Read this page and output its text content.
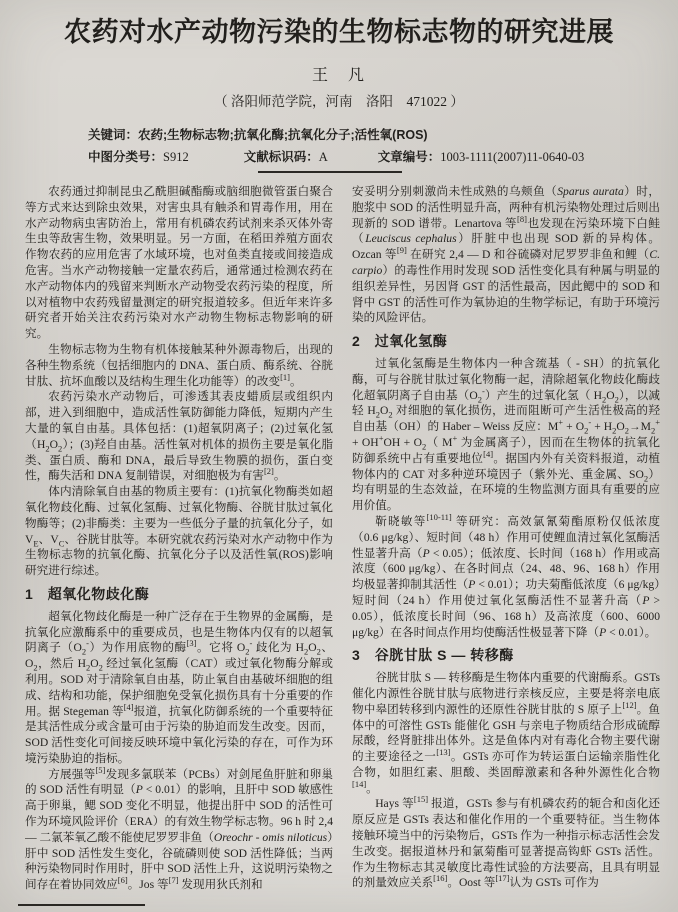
农药对水产动物污染的生物标志物的研究进展
王　凡
（ 洛阳师范学院，河南　洛阳　471022 ）
关键词：农药;生物标志物;抗氧化酶;抗氧化分子;活性氧(ROS)
中图分类号：S912	文献标识码：A	文章编号：1003-1111(2007)11-0640-03

农药通过抑制昆虫乙酰胆碱酯酶或脑细胞微管蛋白聚合等方式来达到除虫效果，对害虫具有触杀和胃毒作用，用在水产动物病虫害防治上，常用有机磷农药试剂来杀灭体外寄生虫等敌害生物，效果明显。另一方面，在稻田养殖方面农作物农药的应用危害了水域环境，也对鱼类直接或间接造成危害。当水产动物接触一定量农药后，通常通过检测农药在水产动物体内的残留来判断水产动物受农药污染的程度，所以对植物中农药残留量测定的研究报道较多。但近年来许多研究者开始关注农药污染对水产动物生物标志物影响的研究。

生物标志物为生物有机体接触某种外源毒物后，出现的各种生物系统（包括细胞内的 DNA、蛋白质、酶系统、谷胱甘肽、抗坏血酸以及结构生理生化功能等）的改变[1]。

农药污染水产动物后，可渗透其表皮蜡质层或组织内部，进入到细胞中，造成活性氧防御能力降低，短期内产生大量的氧自由基。具体包括：(1)超氧阴离子；(2)过氧化氢$(H_2O_2)$；(3)羟自由基。活性氧对机体的损伤主要是氧化脂类、蛋白质、酶和 DNA，最后导致生物膜的损伤，蛋白变性，酶失活和 DNA 复制错误，对细胞极为有害[2]。

体内清除氧自由基的物质主要有：(1)抗氧化物酶类如超氧化物歧化酶、过氧化氢酶、过氧化物酶、谷胱甘肽过氧化物酶等；(2)非酶类：主要为一些低分子量的抗氧化分子，如 $V_E$、$V_C$、谷胱甘肽等。本研究就农药污染对水产动物中作为生物标志物的抗氧化酶、抗氧化分子以及活性氧(ROS)影响研究进行综述。

1　超氧化物歧化酶

超氧化物歧化酶是一种广泛存在于生物界的金属酶，是抗氧化应激酶系中的重要成员，也是生物体内仅有的以超氧阴离子$(O_2^-)$为作用底物的酶[3]。它将 $O_2^-$ 歧化为 $H_2O_2$、$O_2$，然后 $H_2O_2$ 经过氧化氢酶（CAT）或过氧化物酶分解或利用。SOD 对于清除氧自由基，防止氧自由基破坏细胞的组成、结构和功能，保护细胞免受氧化损伤具有十分重要的作用。据 Stegeman 等[4]报道，抗氧化防御系统的一个重要特征是其活性成分或含量可由于污染的胁迫而发生改变。因而，SOD 活性变化可间接反映环境中氧化污染的存在，可作为环境污染胁迫的指标。

方展强等[5]发现多氯联苯（PCBs）对剑尾鱼肝脏和卵巢的 SOD 活性有明显（P < 0.01）的影响，且肝中 SOD 敏感性高于卵巢，鳃 SOD 变化不明显，他提出肝中 SOD 的活性可作为环境风险评价（ERA）的有效生物学标志物。96 h 时 2,4 — 二氯苯氧乙酸不能使尼罗罗非鱼（Oreochr - omis niloticus）肝中 SOD 活性发生变化，谷硫磷则使 SOD 活性降低；当两种污染物同时作用时，肝中 SOD 活性上升，这说明污染物之间存在着协同效应[6]。Jos 等[7] 发现用狄氏剂和

安妥明分别刺激尚未性成熟的乌颊鱼（Sparus aurata）时，胞浆中 SOD 的活性明显升高，两种有机污染物处理过后则出现新的 SOD 谱带。Lenartova 等[8]也发现在污染环境下白鲑（Leuciscus cephalus）肝脏中也出现 SOD 新的异构体。Ozcan 等[9] 在研究 2,4 — D 和谷硫磷对尼罗罗非鱼和鲤（C. carpio）的毒性作用时发现 SOD 活性变化具有种属与明显的组织差异性，另因肾 GST 的活性最高，因此鳃中的 SOD 和肾中 GST 的活性可作为氧协迫的生物学标记，有助于环境污染的风险评估。

2　过氧化氢酶

过氧化氢酶是生物体内一种含巯基（ - SH）的抗氧化酶，可与谷胱甘肽过氧化物酶一起，清除超氧化物歧化酶歧化超氧阴离子自由基$(O_2^-)$产生的过氧化氢（ $H_2O_2$），以减轻 $H_2O_2$ 对细胞的氧化损伤，进而阻断可产生活性极高的羟自由基（OH）的 Haber – Weiss 反应：$M^+ + O_2^- + H_2O_2\to M_2^+ + OH^+OH + O_2$（ M+ 为金属离子），因而在生物体的抗氧化防御系统中占有重要地位[4]。据国内外有关资料报道，动植物体内的 CAT 对多种逆环境因子（紫外光、重金属、$SO_2$）均有明显的生态效益，在环境的生物监测方面具有重要的应用价值。

靳晓敏等[10-11] 等研究：高效氯氰菊酯原粉仅低浓度（0.6 μg/kg）、短时间（48 h）作用可使鲤血清过氧化氢酶活性显著升高（P < 0.05）；低浓度、长时间（168 h）作用或高浓度（600 μg/kg）、在各时间点（24、48、96、168 h）作用均极显著抑制其活性（P < 0.01）；功夫菊酯低浓度（6 μg/kg）短时间（24 h）作用使过氧化氢酶活性不显著升高（P > 0.05），低浓度长时间（96、168 h）及高浓度（600、6000 μg/kg）在各时间点作用均使酶活性极显著下降（P < 0.01）。

3　谷胱甘肽 S — 转移酶

谷胱甘肽 S — 转移酶是生物体内重要的代谢酶系。GSTs 催化内源性谷胱甘肽与底物进行亲核反应，主要是将亲电底物中皋团转移到内源性的还原性谷胱甘肽的 S 原子上[12]。鱼体中的可溶性 GSTs 能催化 GSH 与亲电子物质结合形成硫醇尿酸，经肾脏排出体外。这是鱼体内对有毒化合物主要代谢的主要途径之一[13]。GSTs 亦可作为转运蛋白运输亲脂性化合物，如胆红素、胆酸、类固醇激素和各种外源性化合物[14]。

Hays 等[15] 报道，GSTs 参与有机磷农药的轭合和卤化还原反应是 GSTs 表达和催化作用的一个重要特征。当生物体接触环境当中的污染物后，GSTs 作为一种指示标志活性会发生改变。据报道林丹和氯菊酯可显著提高钩虾 GSTs 活性。作为生物标志其灵敏度比毒性试验的方法要高，且具有明显的剂量效应关系[16]。Oost 等[17]认为 GSTs 可作为
